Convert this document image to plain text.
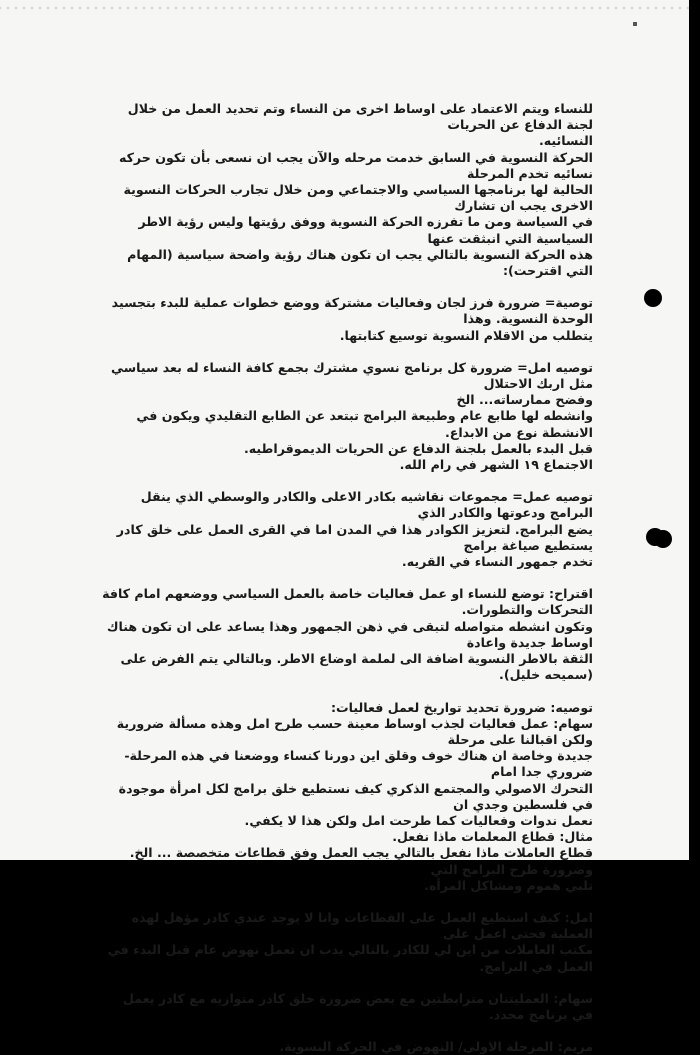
للنساء ويتم الاعتماد على اوساط اخرى من النساء وتم تحديد العمل من خلال لجنة الدفاع عن الحريات
النسائيه.
الحركة النسوية في السابق خدمت مرحله والآن يجب ان نسعى بأن تكون حركه نسائيه تخدم المرحلة
الحالية لها برنامجها السياسي والاجتماعي ومن خلال تجارب الحركات النسوية الاخرى يجب ان تشارك
في السياسة ومن ما تفرزه الحركة النسوية ووفق رؤيتها وليس رؤية الاطر السياسية التي انبثقت عنها
هذه الحركة النسوية بالتالي يجب ان تكون هناك رؤية واضحة سياسية (المهام التي اقترحت):
توصية= ضرورة فرز لجان وفعاليات مشتركة ووضع خطوات عملية للبدء بتجسيد الوحدة النسوية. وهذا
يتطلب من الاقلام النسوية توسيع كتابتها.
توصيه امل= ضرورة كل برنامج نسوي مشترك بجمع كافة النساء له بعد سياسي مثل اربك الاحتلال
وفضح ممارساته... الخ
وانشطه لها طابع عام وطبيعة البرامج تبتعد عن الطابع التقليدي ويكون في الانشطة نوع من الابداع.
قبل البدء بالعمل بلجنة الدفاع عن الحريات الديموقراطيه.
الاجتماع ١٩ الشهر في رام الله.
توصيه عمل= مجموعات نقاشيه بكادر الاعلى والكادر والوسطي الذي ينقل البرامج ودعوتها والكادر الذي
يضع البرامج. لتعزيز الكوادر هذا في المدن اما في القرى العمل على خلق كادر يستطيع صياغة برامج
تخدم جمهور النساء في القريه.
اقتراح: توضع للنساء او عمل فعاليات خاصة بالعمل السياسي ووضعهم امام كافة التحركات والتطورات.
وتكون انشطه متواصله لتبقى في ذهن الجمهور وهذا يساعد على ان تكون هناك اوساط جديدة واعادة
الثقة بالاطر النسوية اضافة الى لملمة اوضاع الاطر. وبالتالي يتم الفرض على (سميحه خليل).
توصيه: ضرورة تحديد تواريخ لعمل فعاليات:
سهام: عمل فعاليات لجذب اوساط معينة حسب طرح امل وهذه مسألة ضرورية ولكن اقبالنا على مرحلة
جديدة وخاصة ان هناك خوف وقلق اين دورنا كنساء ووضعنا في هذه المرحلة- ضروري جدا امام
التحرك الاصولي والمجتمع الذكري كيف نستطيع خلق برامج لكل امرأة موجودة في فلسطين وجدي ان
نعمل ندوات وفعاليات كما طرحت امل ولكن هذا لا يكفي.
مثال: قطاع المعلمات ماذا نفعل.
قطاع العاملات ماذا نفعل بالتالي يجب العمل وفق قطاعات متخصصة ... الخ. وضرورة طرح البرامج التي
تلبي هموم ومشاكل المرأه.
امل: كيف استطيع العمل على القطاعات وانا لا يوجد عندي كادر مؤهل لهذه العملية فحتى اعمل على
مكتب العاملات من اين لي للكادر بالتالي يدب ان تعمل نهوض عام قبل البدء في العمل في البرامج.
سهام: العمليتنان مترابطتين مع بعض ضرورة خلق كادر متوازيه مع كادر يعمل في برنامج محدد.
مريم: المرحلة الاولى/ النهوض في الحركة النسوية.
